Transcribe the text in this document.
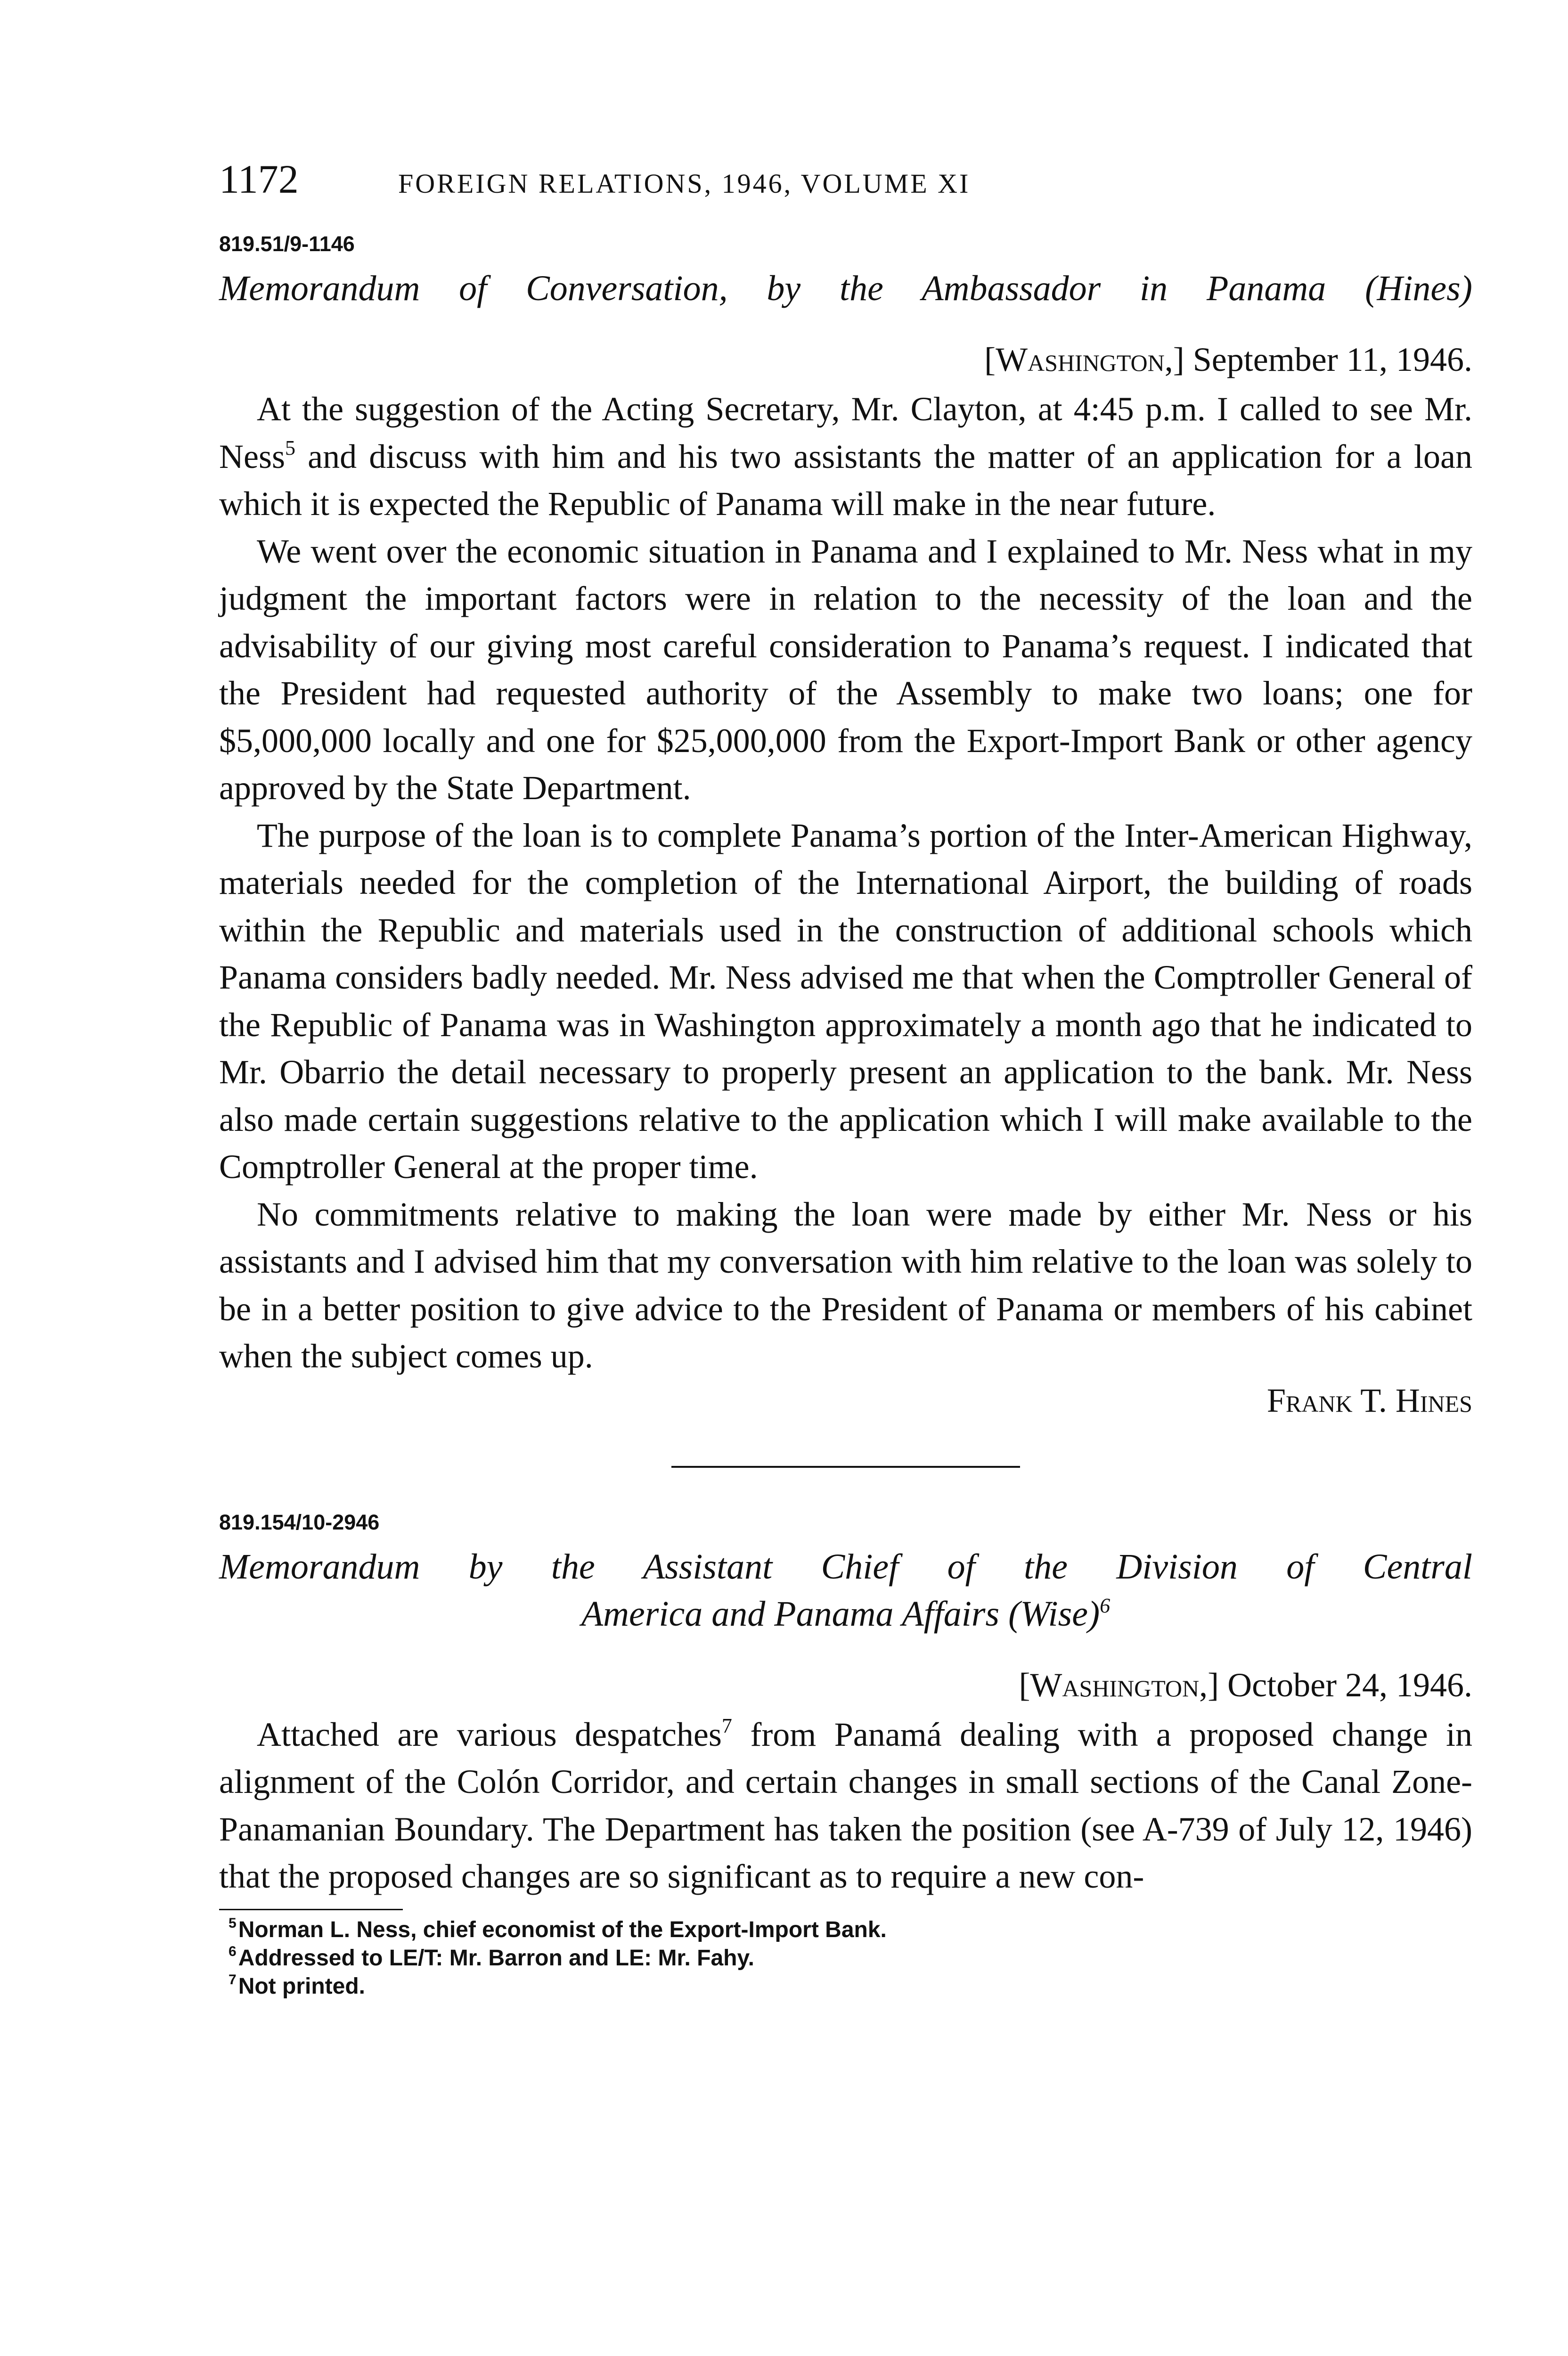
1172	FOREIGN RELATIONS, 1946, VOLUME XI
819.51/9-1146
Memorandum of Conversation, by the Ambassador in Panama (Hines)
[Washington,] September 11, 1946.

At the suggestion of the Acting Secretary, Mr. Clayton, at 4:45 p.m. I called to see Mr. Ness$^5$ and discuss with him and his two assistants the matter of an application for a loan which it is expected the Republic of Panama will make in the near future.

We went over the economic situation in Panama and I explained to Mr. Ness what in my judgment the important factors were in relation to the necessity of the loan and the advisability of our giving most careful consideration to Panama’s request. I indicated that the President had requested authority of the Assembly to make two loans; one for $5,000,000 locally and one for $25,000,000 from the Export-Import Bank or other agency approved by the State Department.

The purpose of the loan is to complete Panama’s portion of the Inter-American Highway, materials needed for the completion of the International Airport, the building of roads within the Republic and materials used in the construction of additional schools which Panama considers badly needed. Mr. Ness advised me that when the Comptroller General of the Republic of Panama was in Washington approximately a month ago that he indicated to Mr. Obarrio the detail necessary to properly present an application to the bank. Mr. Ness also made certain suggestions relative to the application which I will make available to the Comptroller General at the proper time.

No commitments relative to making the loan were made by either Mr. Ness or his assistants and I advised him that my conversation with him relative to the loan was solely to be in a better position to give advice to the President of Panama or members of his cabinet when the subject comes up.

Frank T. Hines
819.154/10-2946
Memorandum by the Assistant Chief of the Division of Central
America and Panama Affairs (Wise)$^6$
[Washington,] October 24, 1946.

Attached are various despatches$^7$ from Panamá dealing with a proposed change in alignment of the Colón Corridor, and certain changes in small sections of the Canal Zone-Panamanian Boundary. The Department has taken the position (see A-739 of July 12, 1946) that the proposed changes are so significant as to require a new con-

$^5$Norman L. Ness, chief economist of the Export-Import Bank.
$^6$Addressed to LE/T: Mr. Barron and LE: Mr. Fahy.
$^7$Not printed.
